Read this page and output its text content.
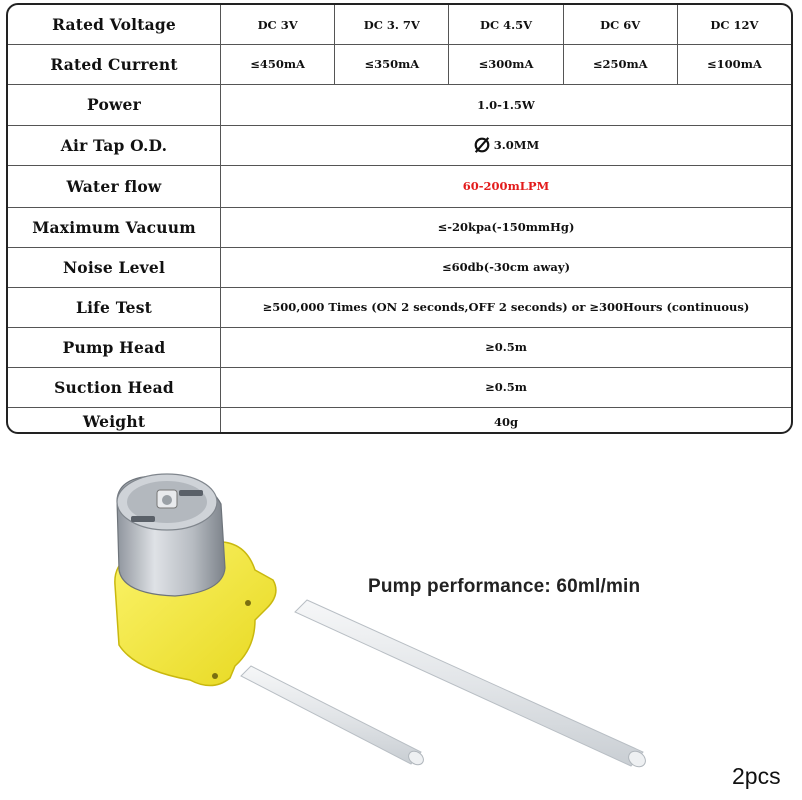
Rated Voltage	DC 3V	DC 3. 7V	DC 4.5V	DC 6V	DC 12V
Rated Current	≤450mA	≤350mA	≤300mA	≤250mA	≤100mA
Power	1.0-1.5W
Air Tap O.D.	3.0MM
Water flow	60-200mLPM
Maximum Vacuum	≤-20kpa(-150mmHg)
Noise Level	≤60db(-30cm away)
Life Test	≥500,000 Times (ON 2 seconds,OFF 2 seconds) or ≥300Hours (continuous)
Pump Head	≥0.5m
Suction Head	≥0.5m
Weight	40g
Pump performance: 60ml/min
2pcs
